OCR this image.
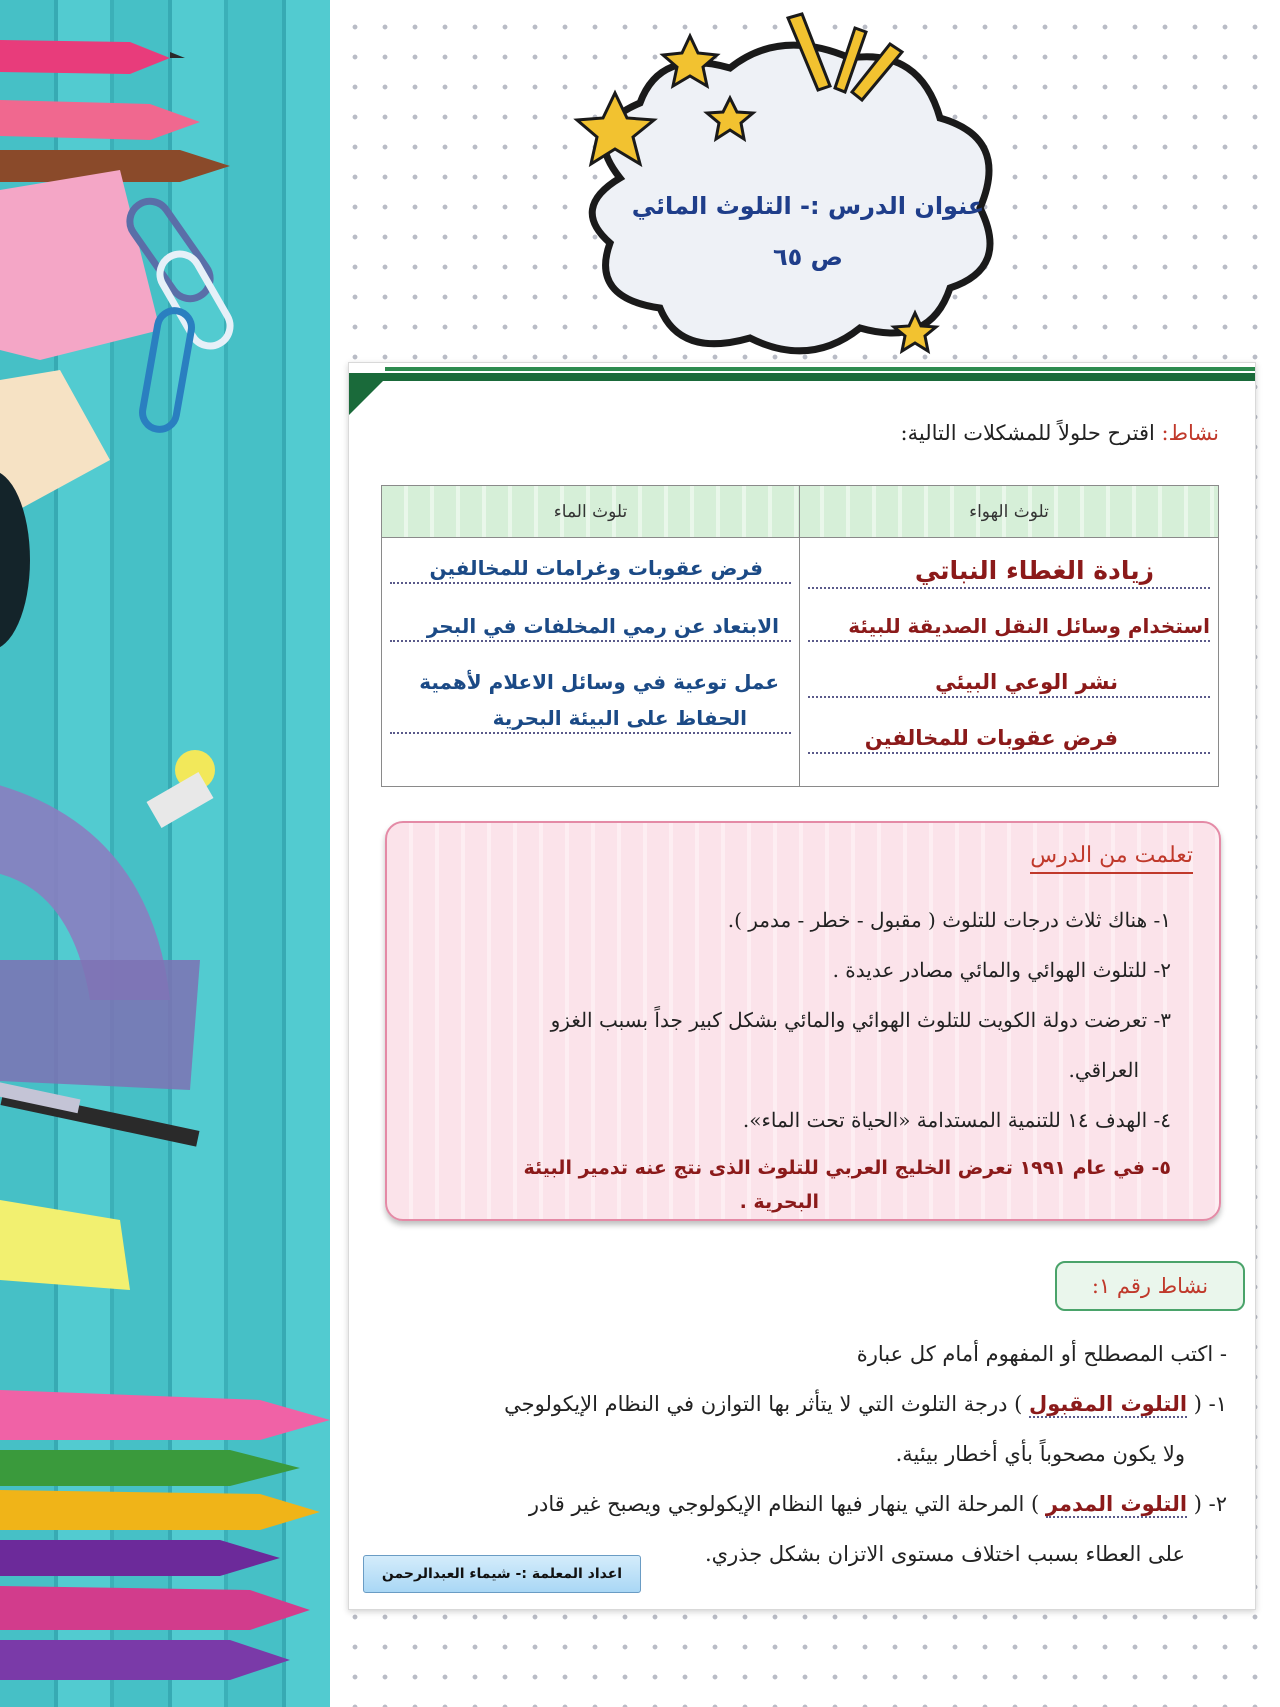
عنوان الدرس :- التلوث المائي
ص ٦٥
نشاط: اقترح حلولاً للمشكلات التالية:
تلوث الهواء
تلوث الماء
زيادة الغطاء النباتي
استخدام وسائل النقل الصديقة للبيئة
نشر الوعي البيئي
فرض عقوبات للمخالفين
فرض عقوبات وغرامات للمخالفين
الابتعاد عن رمي المخلفات في البحر
عمل توعية في وسائل الاعلام لأهمية
الحفاظ على البيئة البحرية
تعلمت من الدرس
١- هناك ثلاث درجات للتلوث ( مقبول - خطر - مدمر ).
٢- للتلوث الهوائي والمائي مصادر عديدة .
٣- تعرضت دولة الكويت للتلوث الهوائي والمائي بشكل كبير جداً بسبب الغزو
العراقي.
٤- الهدف ١٤ للتنمية المستدامة «الحياة تحت الماء».
٥- في عام ١٩٩١ تعرض الخليج العربي للتلوث الذى نتج عنه تدمير البيئة
البحرية .
نشاط رقم ١:
- اكتب المصطلح أو المفهوم أمام كل عبارة
١- ( التلوث المقبول ) درجة التلوث التي لا يتأثر بها التوازن في النظام الإيكولوجي
ولا يكون مصحوباً بأي أخطار بيئية.
٢- ( التلوث المدمر ) المرحلة التي ينهار فيها النظام الإيكولوجي ويصبح غير قادر
على العطاء بسبب اختلاف مستوى الاتزان بشكل جذري.
اعداد المعلمة :- شيماء العبدالرحمن
